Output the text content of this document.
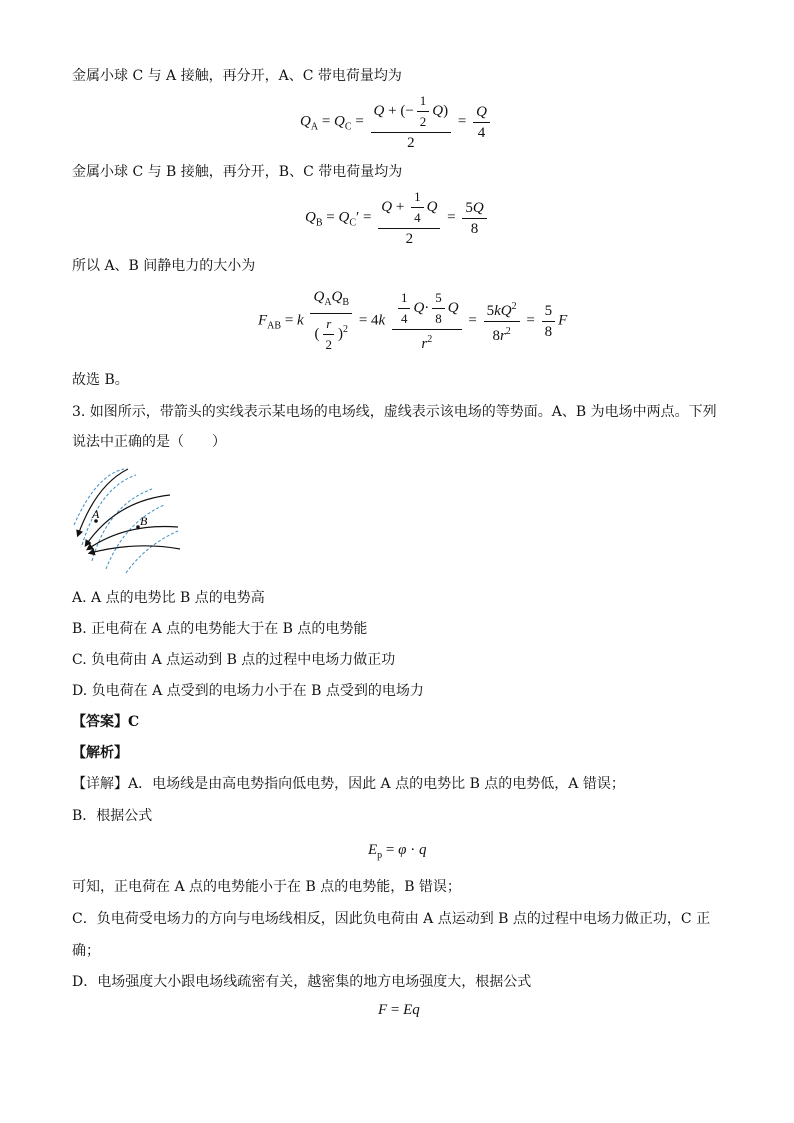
金属小球 C 与 A 接触，再分开，A、C 带电荷量均为
$Q_A = Q_C = \frac{Q + (- \frac{1}{2} Q)}{2} = \frac{Q}{4}$
金属小球 C 与 B 接触，再分开，B、C 带电荷量均为
$Q_B = Q_C' = \frac{Q + \frac{1}{4} Q}{2} = \frac{5Q}{8}$
所以 A、B 间静电力的大小为
$F_{AB} = k \frac{Q_AQ_B}{( \frac{r}{2} )^2} = 4k \frac{\frac{1}{4} Q\cdot \frac{5}{8} Q}{r^2} = \frac{5kQ^2}{8r^2} = \frac{5}{8}$ F
故选 B。
3. 如图所示，带箭头的实线表示某电场的电场线，虚线表示该电场的等势面。A、B 为电场中两点。下列
说法中正确的是（　　）
A	B
A. A 点的电势比 B 点的电势高
B. 正电荷在 A 点的电势能大于在 B 点的电势能
C. 负电荷由 A 点运动到 B 点的过程中电场力做正功
D. 负电荷在 A 点受到的电场力小于在 B 点受到的电场力
【答案】C
【解析】
【详解】A．电场线是由高电势指向低电势，因此 A 点的电势比 B 点的电势低，A 错误；
B．根据公式
$E_p = \varphi \cdot q$
可知，正电荷在 A 点的电势能小于在 B 点的电势能，B 错误；
C．负电荷受电场力的方向与电场线相反，因此负电荷由 A 点运动到 B 点的过程中电场力做正功，C 正
确；
D．电场强度大小跟电场线疏密有关，越密集的地方电场强度大，根据公式
F = Eq
